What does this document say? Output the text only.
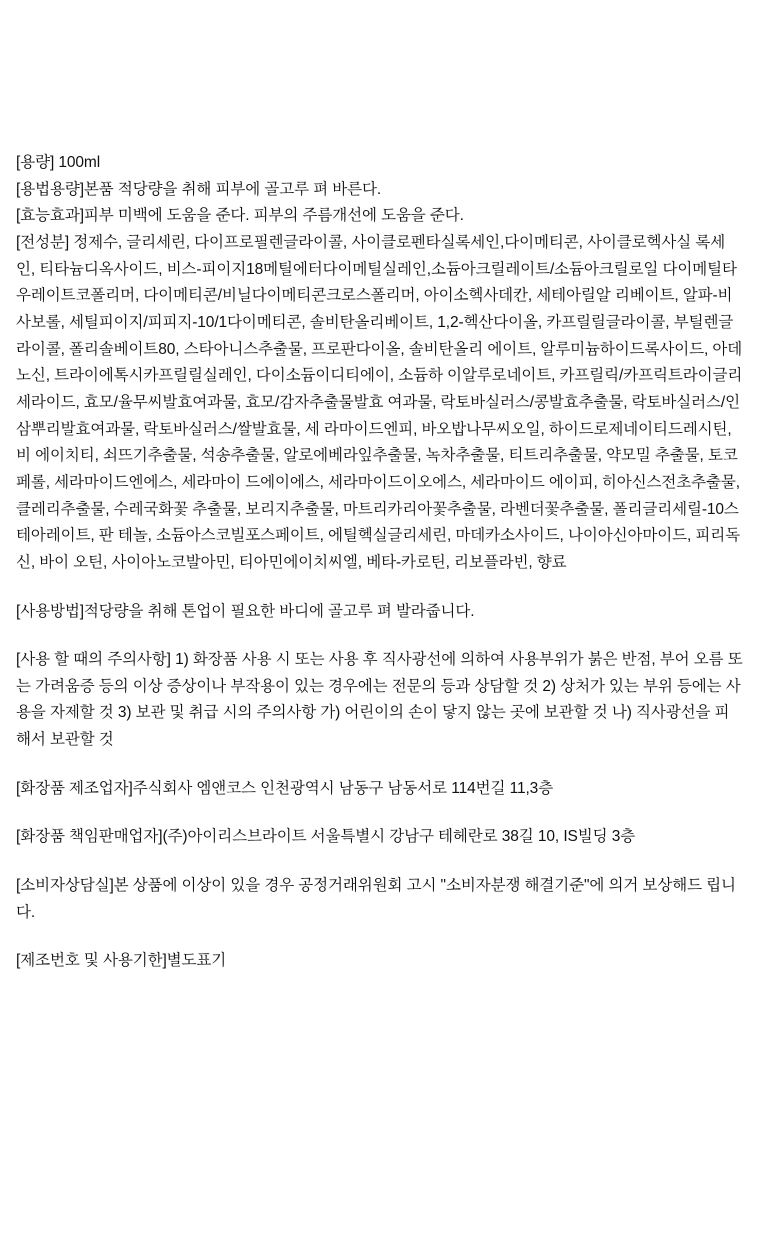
[용량] 100ml

[용법용량]본품 적당량을 취해 피부에 골고루 펴 바른다.

[효능효과]피부 미백에 도움을 준다. 피부의 주름개선에 도움을 준다.

[전성분] 정제수, 글리세린, 다이프로필렌글라이콜, 사이클로펜타실록세인,다이메티콘, 사이클로헥사실 록세인, 티타늄디옥사이드, 비스-피이지18메틸에터다이메틸실레인,소듐아크릴레이트/소듐아크릴로일 다이메틸타우레이트코폴리머, 다이메티콘/비닐다이메티콘크로스폴리머, 아이소헥사데칸, 세테아릴알 리베이트, 알파-비사보롤, 세틸피이지/피피지-10/1다이메티콘, 솔비탄올리베이트, 1,2-헥산다이올, 카프릴릴글라이콜, 부틸렌글라이콜, 폴리솔베이트80, 스타아니스추출물, 프로판다이올, 솔비탄올리 에이트, 알루미늄하이드록사이드, 아데노신, 트라이에톡시카프릴릴실레인, 다이소듐이디티에이, 소듐하 이알루로네이트, 카프릴릭/카프릭트라이글리세라이드, 효모/율무씨발효여과물, 효모/감자추출물발효 여과물, 락토바실러스/콩발효추출물, 락토바실러스/인삼뿌리발효여과물, 락토바실러스/쌀발효물, 세 라마이드엔피, 바오밥나무씨오일, 하이드로제네이티드레시틴, 비 에이치티, 쇠뜨기추출물, 석송추출물, 알로에베라잎추출물, 녹차추출물, 티트리추출물, 약모밀 추출물, 토코페롤, 세라마이드엔에스, 세라마이 드에이에스, 세라마이드이오에스, 세라마이드 에이피, 히아신스전초추출물, 클레리추출물, 수레국화꽃 추출물, 보리지추출물, 마트리카리아꽃추출물, 라벤더꽃추출물, 폴리글리세릴-10스테아레이트, 판 테놀, 소듐아스코빌포스페이트, 에틸헥실글리세린, 마데카소사이드, 나이아신아마이드, 피리독신, 바이 오틴, 사이아노코발아민, 티아민에이치씨엘, 베타-카로틴, 리보플라빈, 향료

[사용방법]적당량을 취해 톤업이 필요한 바디에 골고루 펴 발라줍니다.

[사용 할 때의 주의사항] 1) 화장품 사용 시 또는 사용 후 직사광선에 의하여 사용부위가 붉은 반점, 부어 오름 또는 가려움증 등의 이상 증상이나 부작용이 있는 경우에는 전문의 등과 상담할 것 2) 상처가 있는 부위 등에는 사용을 자제할 것 3) 보관 및 취급 시의 주의사항 가) 어린이의 손이 닿지 않는 곳에 보관할 것 나) 직사광선을 피해서 보관할 것

[화장품 제조업자]주식회사 엠앤코스 인천광역시 남동구 남동서로 114번길 11,3층

[화장품 책임판매업자](주)아이리스브라이트 서울특별시 강남구 테헤란로 38길 10, IS빌딩 3층

[소비자상담실]본 상품에 이상이 있을 경우 공정거래위원회 고시 "소비자분쟁 해결기준"에 의거 보상해드 립니다.

[제조번호 및 사용기한]별도표기
